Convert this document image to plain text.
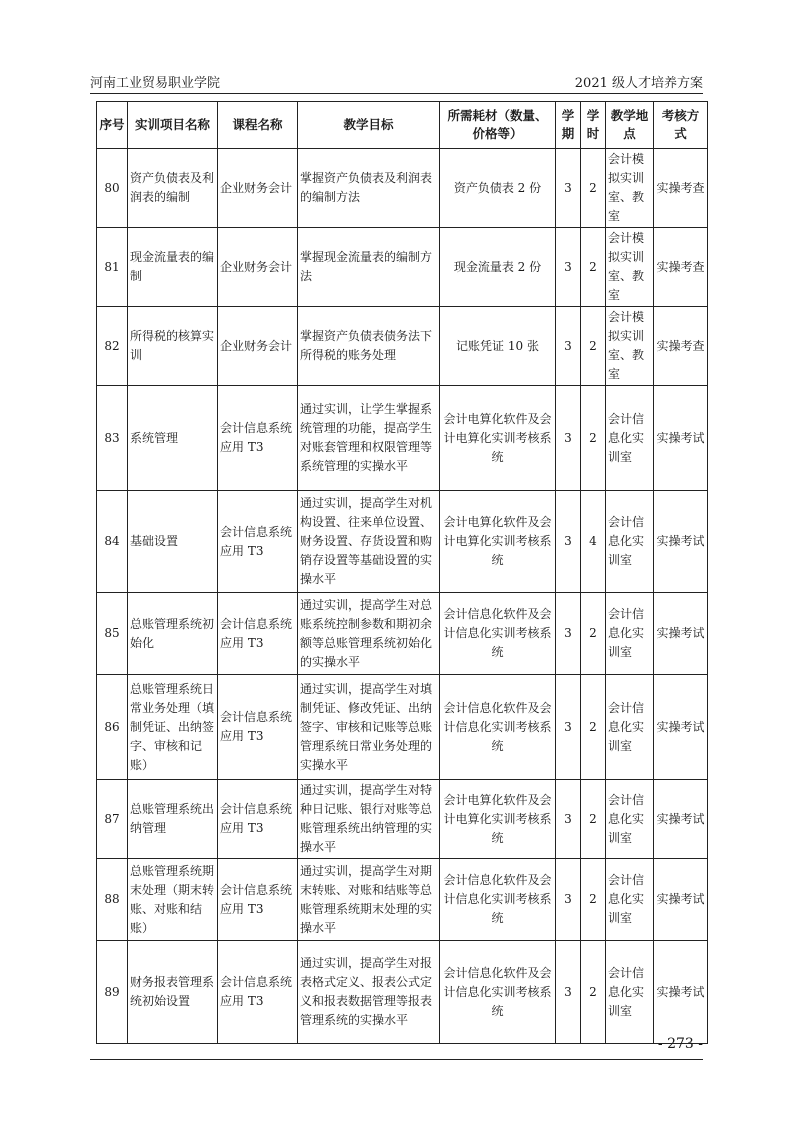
河南工业贸易职业学院	2021 级人才培养方案
序号	实训项目名称	课程名称	教学目标	所需耗材（数量、价格等）	学期	学时	教学地点	考核方式
80	资产负债表及利润表的编制	企业财务会计	掌握资产负债表及利润表的编制方法	资产负债表 2 份	3	2	会计模拟实训室、教室	实操考查
81	现金流量表的编制	企业财务会计	掌握现金流量表的编制方法	现金流量表 2 份	3	2	会计模拟实训室、教室	实操考查
82	所得税的核算实训	企业财务会计	掌握资产负债表债务法下所得税的账务处理	记账凭证 10 张	3	2	会计模拟实训室、教室	实操考查
83	系统管理	会计信息系统应用 T3	通过实训，让学生掌握系统管理的功能，提高学生对账套管理和权限管理等系统管理的实操水平	会计电算化软件及会计电算化实训考核系统	3	2	会计信息化实训室	实操考试
84	基础设置	会计信息系统应用 T3	通过实训，提高学生对机构设置、往来单位设置、财务设置、存货设置和购销存设置等基础设置的实操水平	会计电算化软件及会计电算化实训考核系统	3	4	会计信息化实训室	实操考试
85	总账管理系统初始化	会计信息系统应用 T3	通过实训，提高学生对总账系统控制参数和期初余额等总账管理系统初始化的实操水平	会计信息化软件及会计信息化实训考核系统	3	2	会计信息化实训室	实操考试
86	总账管理系统日常业务处理（填制凭证、出纳签字、审核和记账）	会计信息系统应用 T3	通过实训，提高学生对填制凭证、修改凭证、出纳签字、审核和记账等总账管理系统日常业务处理的实操水平	会计信息化软件及会计信息化实训考核系统	3	2	会计信息化实训室	实操考试
87	总账管理系统出纳管理	会计信息系统应用 T3	通过实训，提高学生对特种日记账、银行对账等总账管理系统出纳管理的实操水平	会计电算化软件及会计电算化实训考核系统	3	2	会计信息化实训室	实操考试
88	总账管理系统期末处理（期末转账、对账和结账）	会计信息系统应用 T3	通过实训，提高学生对期末转账、对账和结账等总账管理系统期末处理的实操水平	会计信息化软件及会计信息化实训考核系统	3	2	会计信息化实训室	实操考试
89	财务报表管理系统初始设置	会计信息系统应用 T3	通过实训，提高学生对报表格式定义、报表公式定义和报表数据管理等报表管理系统的实操水平	会计信息化软件及会计信息化实训考核系统	3	2	会计信息化实训室	实操考试
- 273 -
